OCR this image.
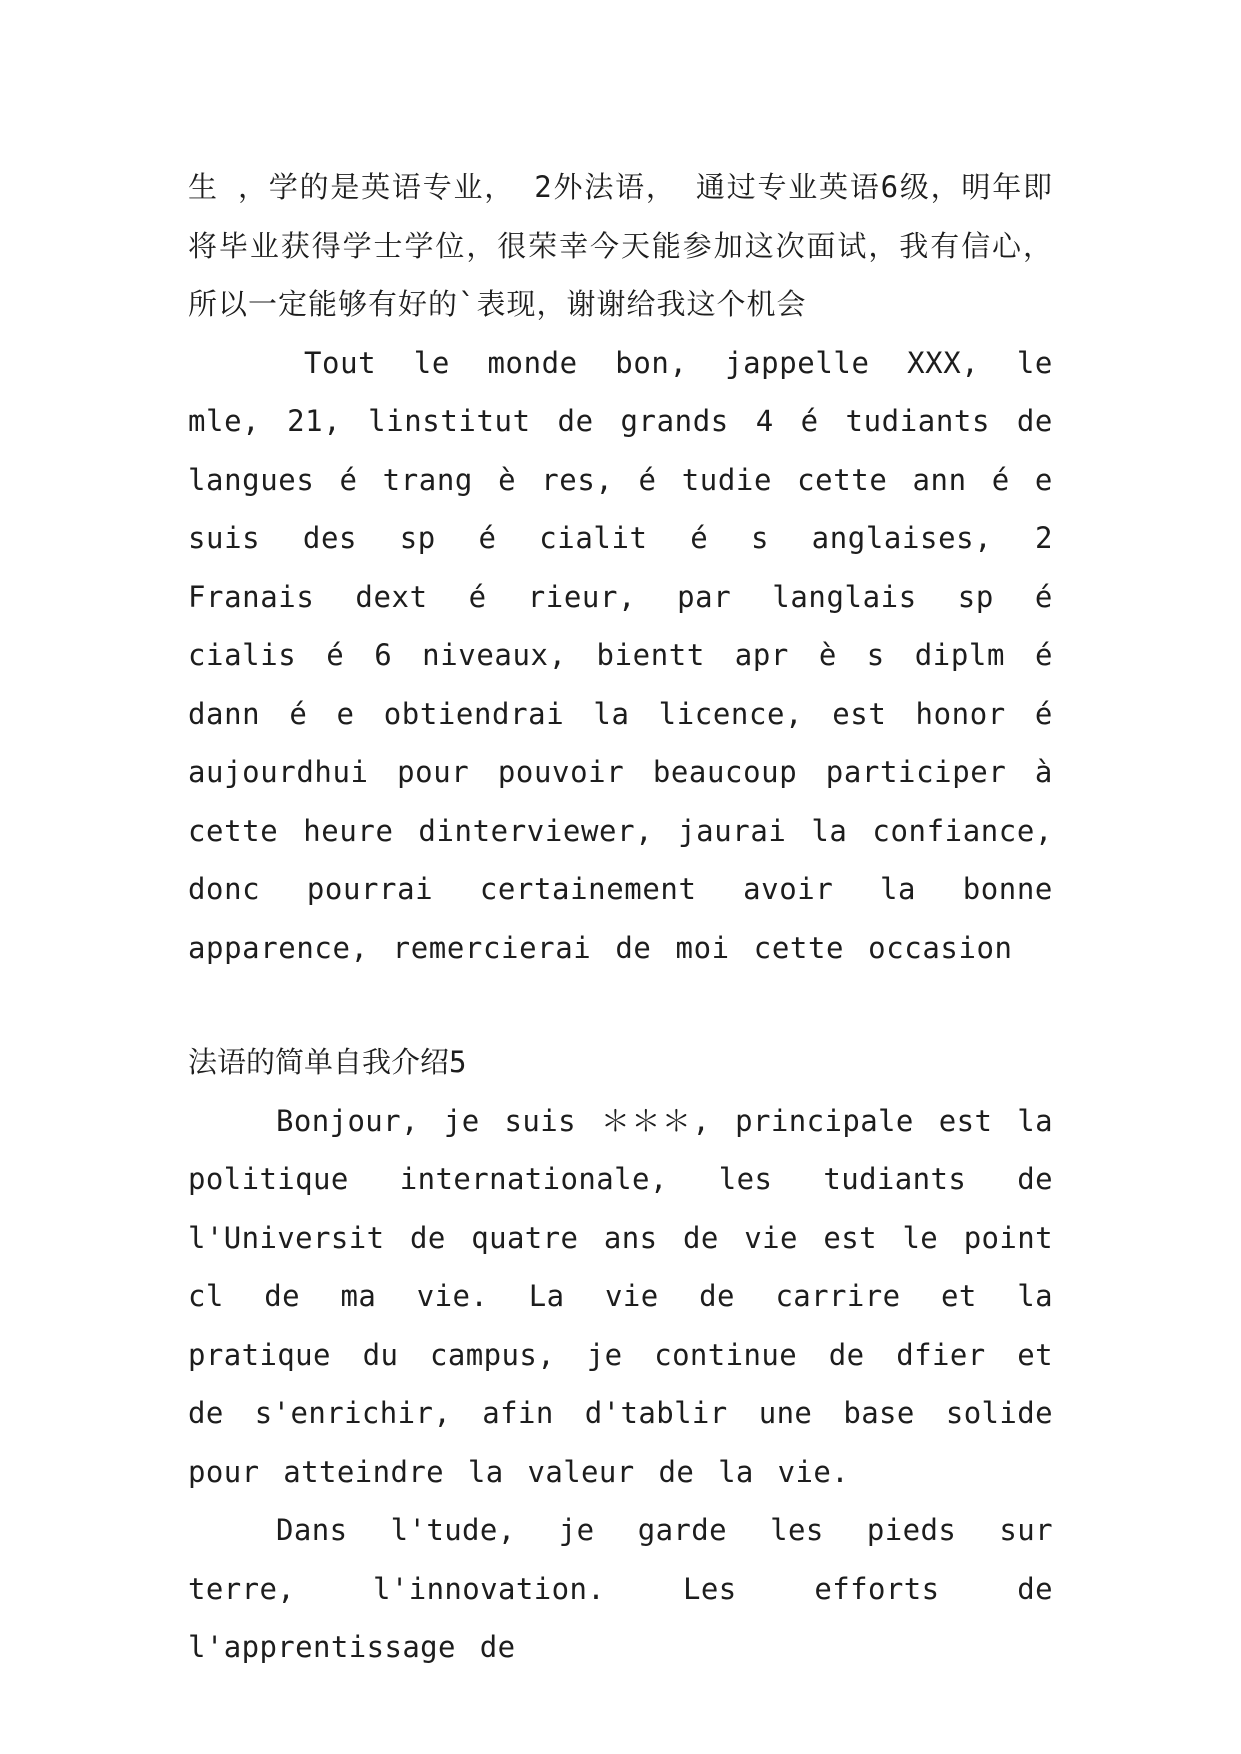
生 ，学的是英语专业， 2外法语， 通过专业英语6级，明年即将毕业获得学士学位，很荣幸今天能参加这次面试，我有信心，所以一定能够有好的`表现，谢谢给我这个机会

Tout le monde bon, jappelle XXX, le mle, 21, linstitut de grands 4 é tudiants de langues é trang è res, é tudie cette ann é e suis des sp é cialit é s anglaises, 2 Franais dext é rieur, par langlais sp é cialis é 6 niveaux, bientt apr è s diplm é dann é e obtiendrai la licence, est honor é aujourdhui pour pouvoir beaucoup participer à cette heure dinterviewer, jaurai la confiance, donc pourrai certainement avoir la bonne apparence, remercierai de moi cette occasion

法语的简单自我介绍5

Bonjour, je suis ＊＊＊, principale est la politique internationale, les tudiants de l'Universit de quatre ans de vie est le point cl de ma vie. La vie de carrire et la pratique du campus, je continue de dfier et de s'enrichir, afin d'tablir une base solide pour atteindre la valeur de la vie.

Dans l'tude, je garde les pieds sur terre, l'innovation. Les efforts de l'apprentissage de
